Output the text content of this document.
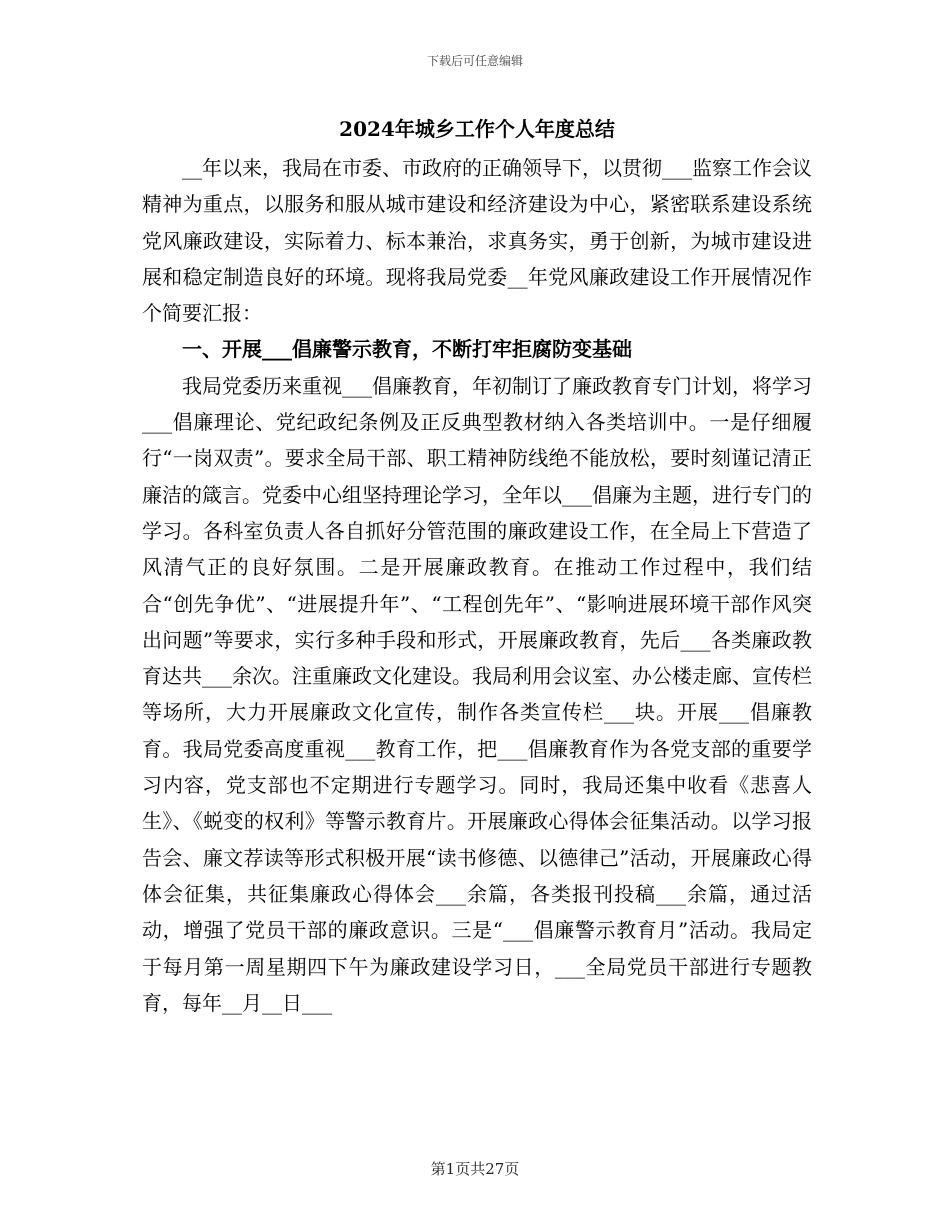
下载后可任意编辑
2024年城乡工作个人年度总结

__年以来，我局在市委、市政府的正确领导下，以贯彻___监察工作会议精神为重点，以服务和服从城市建设和经济建设为中心，紧密联系建设系统党风廉政建设，实际着力、标本兼治，求真务实，勇于创新，为城市建设进展和稳定制造良好的环境。现将我局党委__年党风廉政建设工作开展情况作个简要汇报：

一、开展___倡廉警示教育，不断打牢拒腐防变基础

我局党委历来重视___倡廉教育，年初制订了廉政教育专门计划，将学习___倡廉理论、党纪政纪条例及正反典型教材纳入各类培训中。一是仔细履行“一岗双责”。要求全局干部、职工精神防线绝不能放松，要时刻谨记清正廉洁的箴言。党委中心组坚持理论学习，全年以___倡廉为主题，进行专门的学习。各科室负责人各自抓好分管范围的廉政建设工作，在全局上下营造了风清气正的良好氛围。二是开展廉政教育。在推动工作过程中，我们结合“创先争优”、“进展提升年”、“工程创先年”、“影响进展环境干部作风突出问题”等要求，实行多种手段和形式，开展廉政教育，先后___各类廉政教育达共___余次。注重廉政文化建设。我局利用会议室、办公楼走廊、宣传栏等场所，大力开展廉政文化宣传，制作各类宣传栏___块。开展___倡廉教育。我局党委高度重视___教育工作，把___倡廉教育作为各党支部的重要学习内容，党支部也不定期进行专题学习。同时，我局还集中收看《悲喜人生》、《蜕变的权利》等警示教育片。开展廉政心得体会征集活动。以学习报告会、廉文荐读等形式积极开展“读书修德、以德律己”活动，开展廉政心得体会征集，共征集廉政心得体会___余篇，各类报刊投稿___余篇，通过活动，增强了党员干部的廉政意识。三是“___倡廉警示教育月”活动。我局定于每月第一周星期四下午为廉政建设学习日，___全局党员干部进行专题教育，每年__月__日___

第1页共27页
